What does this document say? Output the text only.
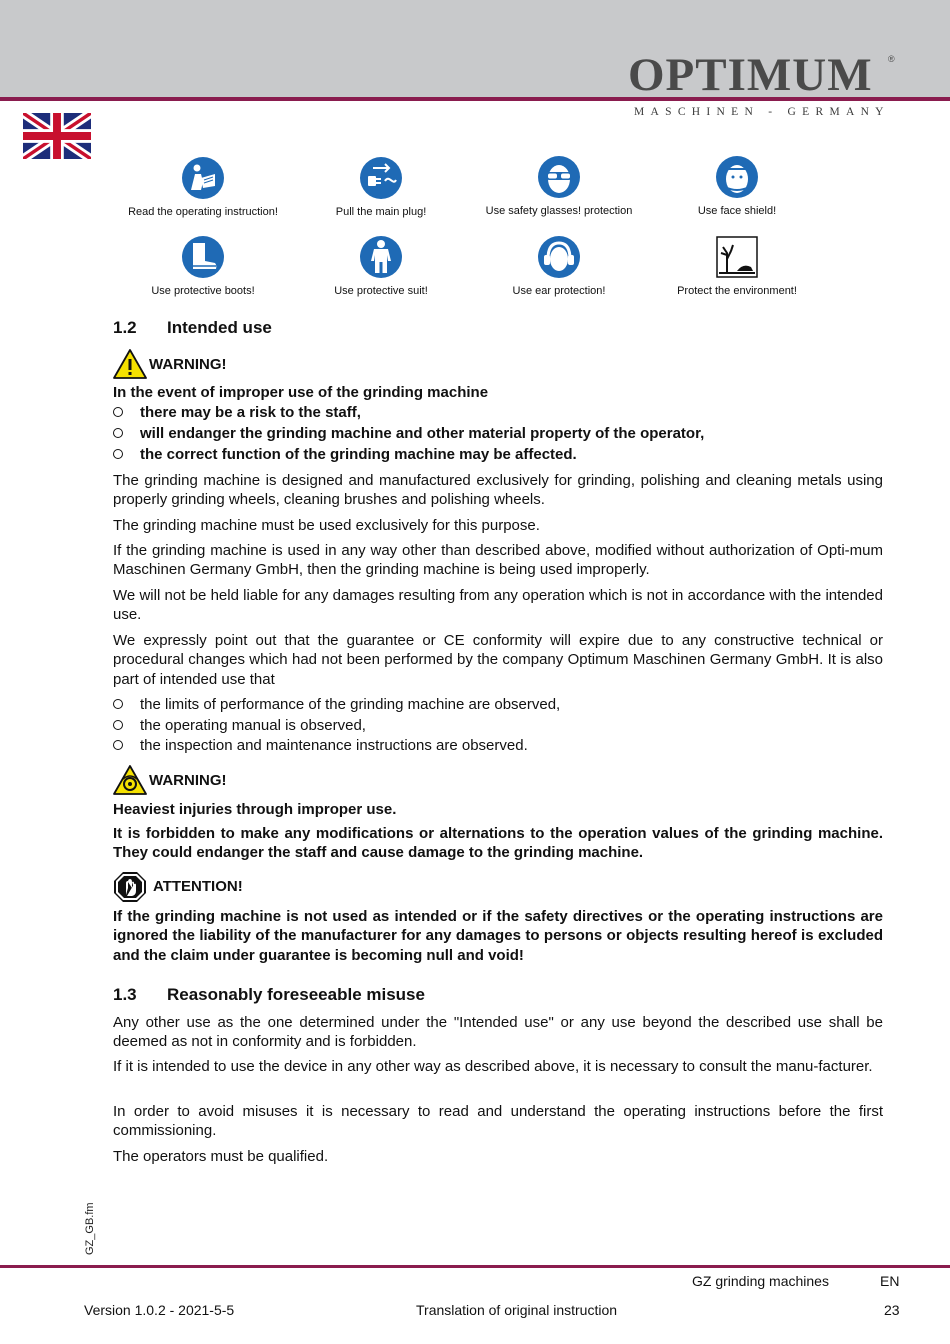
OPTIMUM ®
MASCHINEN - GERMANY
Read the operating instruction!	Pull the main plug!	Use safety glasses! protection	Use face shield!
Use protective boots!	Use protective suit!	Use ear protection!	Protect the environment!
1.2 Intended use
WARNING!
In the event of improper use of the grinding machine
there may be a risk to the staff,
will endanger the grinding machine and other material property of the operator,
the correct function of the grinding machine may be affected.
The grinding machine is designed and manufactured exclusively for grinding, polishing and cleaning metals using properly grinding wheels, cleaning brushes and polishing wheels.
The grinding machine must be used exclusively for this purpose.
If the grinding machine is used in any way other than described above, modified without authorization of Opti-mum Maschinen Germany GmbH, then the grinding machine is being used improperly.
We will not be held liable for any damages resulting from any operation which is not in accordance with the intended use.
We expressly point out that the guarantee or CE conformity will expire due to any constructive technical or procedural changes which had not been performed by the company Optimum Maschinen Germany GmbH. It is also part of intended use that
the limits of performance of the grinding machine are observed,
the operating manual is observed,
the inspection and maintenance instructions are observed.
WARNING!
Heaviest injuries through improper use.
It is forbidden to make any modifications or alternations to the operation values of the grinding machine. They could endanger the staff and cause damage to the grinding machine.
ATTENTION!
If the grinding machine is not used as intended or if the safety directives or the operating instructions are ignored the liability of the manufacturer for any damages to persons or objects resulting hereof is excluded and the claim under guarantee is becoming null and void!
1.3 Reasonably foreseeable misuse
Any other use as the one determined under the "Intended use" or any use beyond the described use shall be deemed as not in conformity and is forbidden.
If it is intended to use the device in any other way as described above, it is necessary to consult the manu-facturer.
In order to avoid misuses it is necessary to read and understand the operating instructions before the first commissioning.
The operators must be qualified.
GZ_GB.fm
GZ grinding machines	EN
Version 1.0.2 - 2021-5-5	Translation of original instruction	23
